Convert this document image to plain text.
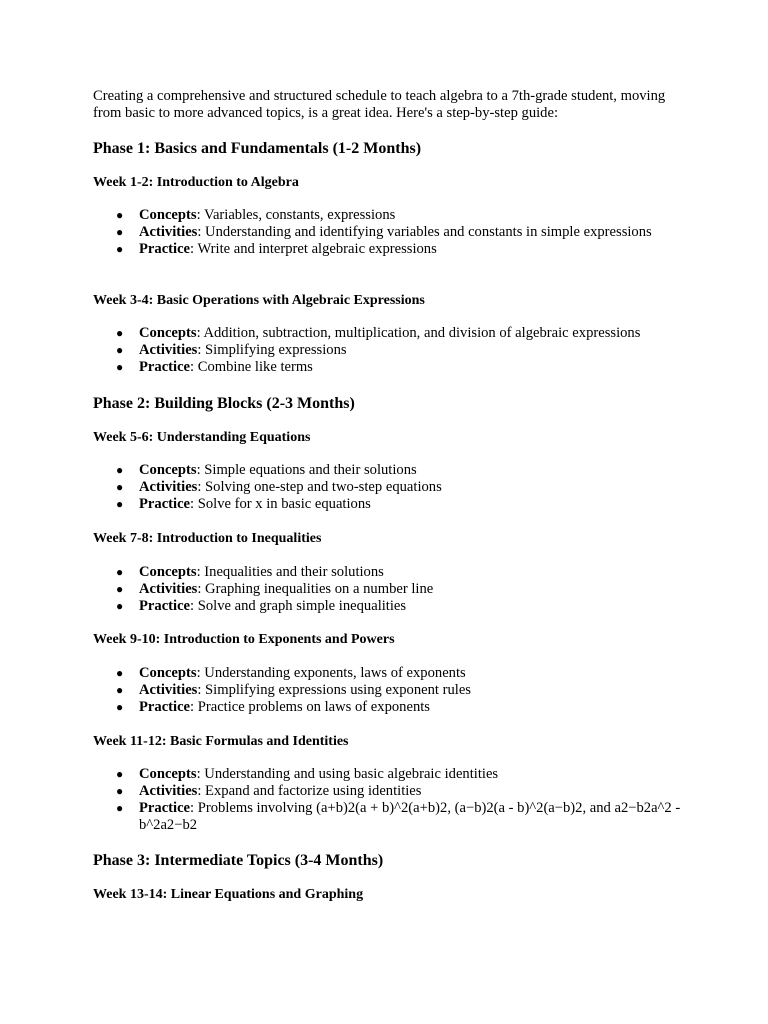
Creating a comprehensive and structured schedule to teach algebra to a 7th-grade student, moving from basic to more advanced topics, is a great idea. Here's a step-by-step guide:

Phase 1: Basics and Fundamentals (1-2 Months)
Week 1-2: Introduction to Algebra
● Concepts: Variables, constants, expressions
● Activities: Understanding and identifying variables and constants in simple expressions
● Practice: Write and interpret algebraic expressions
Week 3-4: Basic Operations with Algebraic Expressions
● Concepts: Addition, subtraction, multiplication, and division of algebraic expressions
● Activities: Simplifying expressions
● Practice: Combine like terms
Phase 2: Building Blocks (2-3 Months)
Week 5-6: Understanding Equations
● Concepts: Simple equations and their solutions
● Activities: Solving one-step and two-step equations
● Practice: Solve for x in basic equations
Week 7-8: Introduction to Inequalities
● Concepts: Inequalities and their solutions
● Activities: Graphing inequalities on a number line
● Practice: Solve and graph simple inequalities
Week 9-10: Introduction to Exponents and Powers
● Concepts: Understanding exponents, laws of exponents
● Activities: Simplifying expressions using exponent rules
● Practice: Practice problems on laws of exponents
Week 11-12: Basic Formulas and Identities
● Concepts: Understanding and using basic algebraic identities
● Activities: Expand and factorize using identities
● Practice: Problems involving (a+b)2(a + b)^2(a+b)2, (a−b)2(a - b)^2(a−b)2, and a2−b2a^2 - b^2a2−b2
Phase 3: Intermediate Topics (3-4 Months)
Week 13-14: Linear Equations and Graphing
